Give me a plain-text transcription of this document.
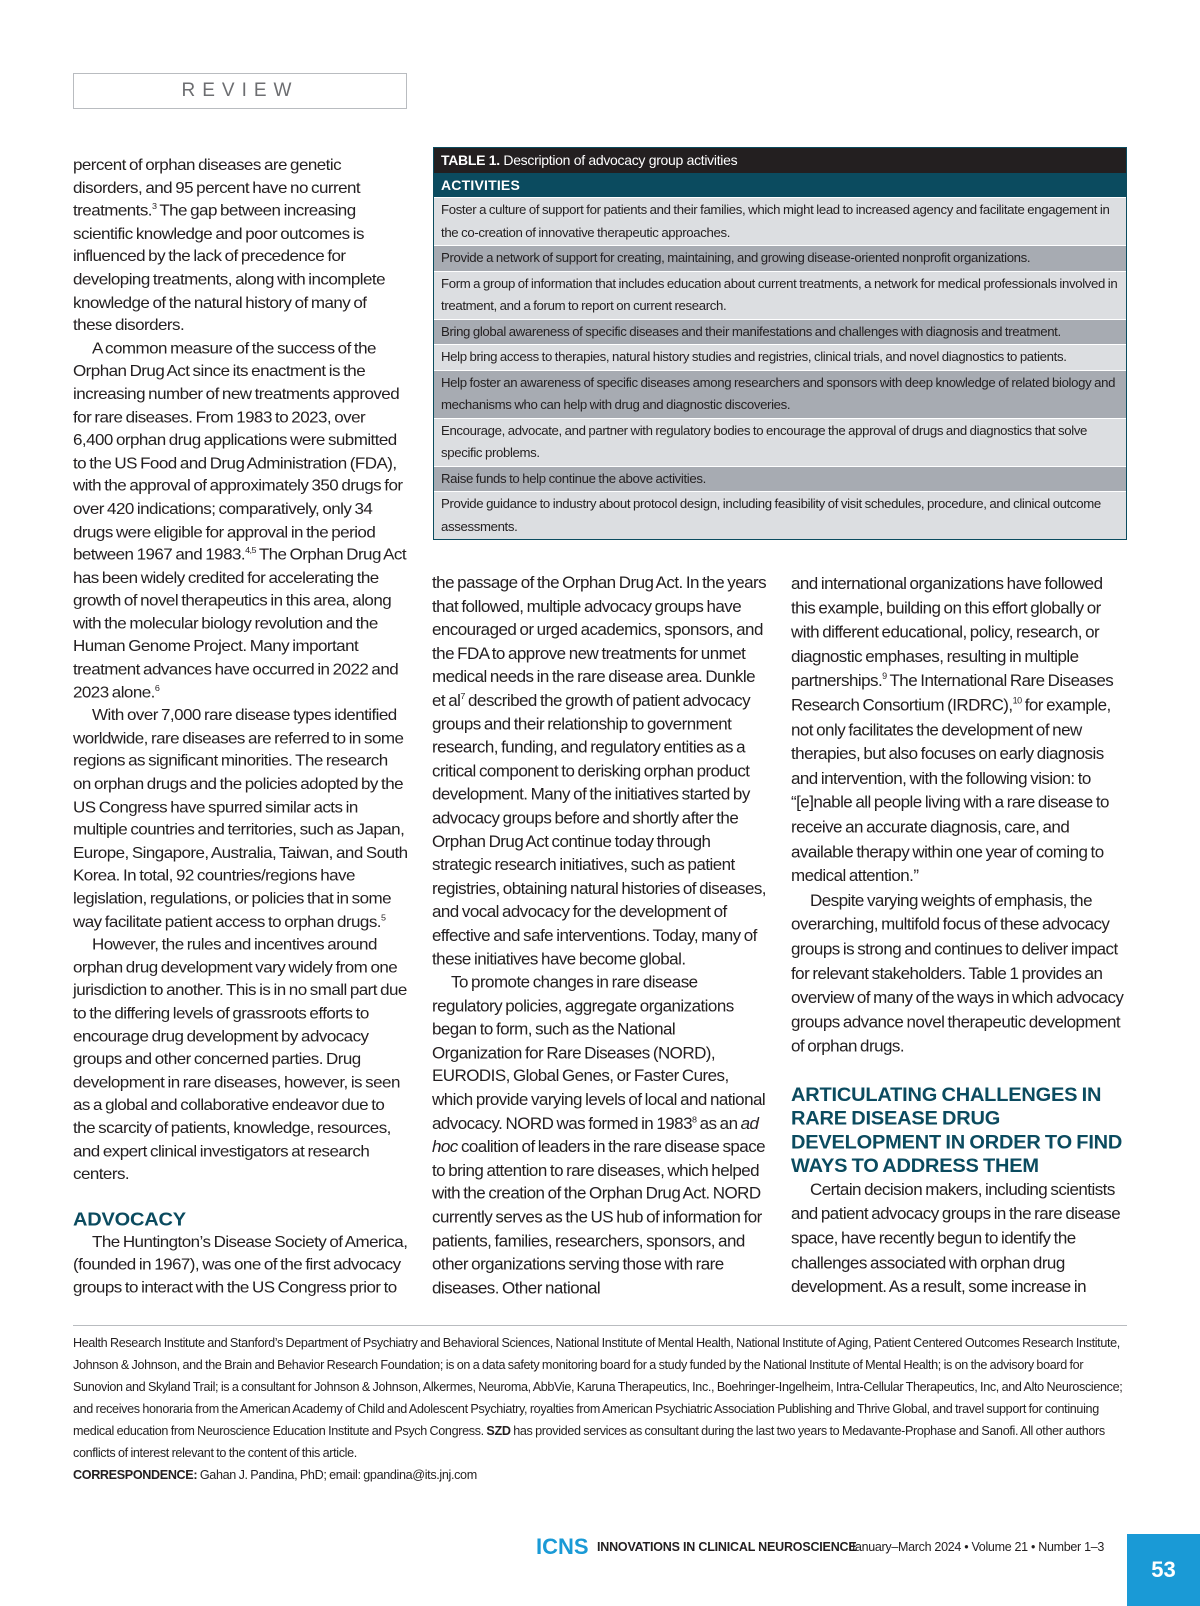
REVIEW

percent of orphan diseases are genetic disorders, and 95 percent have no current treatments.$^3$ The gap between increasing scientific knowledge and poor outcomes is influenced by the lack of precedence for developing treatments, along with incomplete knowledge of the natural history of many of these disorders.

A common measure of the success of the Orphan Drug Act since its enactment is the increasing number of new treatments approved for rare diseases. From 1983 to 2023, over 6,400 orphan drug applications were submitted to the US Food and Drug Administration (FDA), with the approval of approximately 350 drugs for over 420 indications; comparatively, only 34 drugs were eligible for approval in the period between 1967 and 1983.$^{4,5}$ The Orphan Drug Act has been widely credited for accelerating the growth of novel therapeutics in this area, along with the molecular biology revolution and the Human Genome Project. Many important treatment advances have occurred in 2022 and 2023 alone.$^6$

With over 7,000 rare disease types identified worldwide, rare diseases are referred to in some regions as significant minorities. The research on orphan drugs and the policies adopted by the US Congress have spurred similar acts in multiple countries and territories, such as Japan, Europe, Singapore, Australia, Taiwan, and South Korea. In total, 92 countries/regions have legislation, regulations, or policies that in some way facilitate patient access to orphan drugs.$^5$

However, the rules and incentives around orphan drug development vary widely from one jurisdiction to another. This is in no small part due to the differing levels of grassroots efforts to encourage drug development by advocacy groups and other concerned parties. Drug development in rare diseases, however, is seen as a global and collaborative endeavor due to the scarcity of patients, knowledge, resources, and expert clinical investigators at research centers.

ADVOCACY

The Huntington’s Disease Society of America, (founded in 1967), was one of the first advocacy groups to interact with the US Congress prior to

TABLE 1. Description of advocacy group activities
ACTIVITIES
Foster a culture of support for patients and their families, which might lead to increased agency and facilitate engagement in the co-creation of innovative therapeutic approaches.
Provide a network of support for creating, maintaining, and growing disease-oriented nonprofit organizations.
Form a group of information that includes education about current treatments, a network for medical professionals involved in treatment, and a forum to report on current research.
Bring global awareness of specific diseases and their manifestations and challenges with diagnosis and treatment.
Help bring access to therapies, natural history studies and registries, clinical trials, and novel diagnostics to patients.
Help foster an awareness of specific diseases among researchers and sponsors with deep knowledge of related biology and mechanisms who can help with drug and diagnostic discoveries.
Encourage, advocate, and partner with regulatory bodies to encourage the approval of drugs and diagnostics that solve specific problems.
Raise funds to help continue the above activities.
Provide guidance to industry about protocol design, including feasibility of visit schedules, procedure, and clinical outcome assessments.

the passage of the Orphan Drug Act. In the years that followed, multiple advocacy groups have encouraged or urged academics, sponsors, and the FDA to approve new treatments for unmet medical needs in the rare disease area. Dunkle et $al^7$ described the growth of patient advocacy groups and their relationship to government research, funding, and regulatory entities as a critical component to derisking orphan product development. Many of the initiatives started by advocacy groups before and shortly after the Orphan Drug Act continue today through strategic research initiatives, such as patient registries, obtaining natural histories of diseases, and vocal advocacy for the development of effective and safe interventions. Today, many of these initiatives have become global.

To promote changes in rare disease regulatory policies, aggregate organizations began to form, such as the National Organization for Rare Diseases (NORD), EURODIS, Global Genes, or Faster Cures, which provide varying levels of local and national advocacy. NORD was formed in 1983$^8$ as an ad hoc coalition of leaders in the rare disease space to bring attention to rare diseases, which helped with the creation of the Orphan Drug Act. NORD currently serves as the US hub of information for patients, families, researchers, sponsors, and other organizations serving those with rare diseases. Other national

and international organizations have followed this example, building on this effort globally or with different educational, policy, research, or diagnostic emphases, resulting in multiple partnerships.$^9$ The International Rare Diseases Research Consortium (IRDRC),$^{10}$ for example, not only facilitates the development of new therapies, but also focuses on early diagnosis and intervention, with the following vision: to “[e]nable all people living with a rare disease to receive an accurate diagnosis, care, and available therapy within one year of coming to medical attention.”

Despite varying weights of emphasis, the overarching, multifold focus of these advocacy groups is strong and continues to deliver impact for relevant stakeholders. Table 1 provides an overview of many of the ways in which advocacy groups advance novel therapeutic development of orphan drugs.

ARTICULATING CHALLENGES IN RARE DISEASE DRUG DEVELOPMENT IN ORDER TO FIND WAYS TO ADDRESS THEM

Certain decision makers, including scientists and patient advocacy groups in the rare disease space, have recently begun to identify the challenges associated with orphan drug development. As a result, some increase in

Health Research Institute and Stanford’s Department of Psychiatry and Behavioral Sciences, National Institute of Mental Health, National Institute of Aging, Patient Centered Outcomes Research Institute, Johnson & Johnson, and the Brain and Behavior Research Foundation; is on a data safety monitoring board for a study funded by the National Institute of Mental Health; is on the advisory board for Sunovion and Skyland Trail; is a consultant for Johnson & Johnson, Alkermes, Neuroma, AbbVie, Karuna Therapeutics, Inc., Boehringer-Ingelheim, Intra-Cellular Therapeutics, Inc, and Alto Neuroscience; and receives honoraria from the American Academy of Child and Adolescent Psychiatry, royalties from American Psychiatric Association Publishing and Thrive Global, and travel support for continuing medical education from Neuroscience Education Institute and Psych Congress. SZD has provided services as consultant during the last two years to Medavante-Prophase and Sanofi. All other authors conflicts of interest relevant to the content of this article.

CORRESPONDENCE: Gahan J. Pandina, PhD; email: gpandina@its.jnj.com

ICNS INNOVATIONS IN CLINICAL NEUROSCIENCE
January–March 2024 • Volume 21 • Number 1–3
53
